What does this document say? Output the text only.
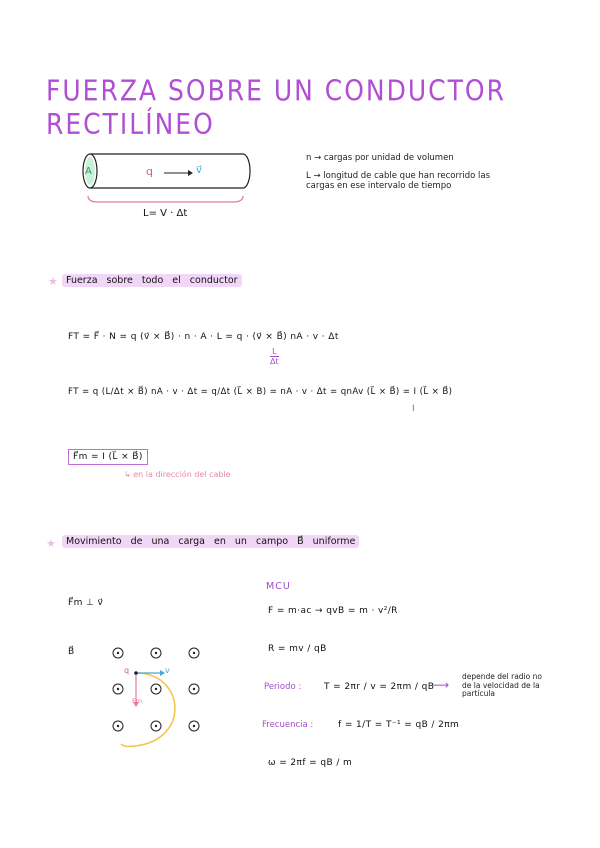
FUERZA SOBRE UN CONDUCTOR RECTILÍNEO
A	q	v⃗
L= V · Δt
n → cargas por unidad de volumen
L → longitud de cable que han recorrido las
cargas en ese intervalo de tiempo
★ Fuerza sobre todo el conductor
FT = F⃗ · N = q (v⃗ × B⃗) · n · A · L = q · (v⃗ × B⃗) nA · v · Δt
$\frac{L}{\Delta t}$
FT = q (L/Δt × B⃗) nA · v · Δt = q/Δt (L⃗ × B) = nA · v · Δt = qnAv (L⃗ × B⃗) = I (L⃗ × B⃗)
I
F⃗m = I (L⃗ × B⃗)
↳ en la dirección del cable
★	Movimiento de una carga en un campo B⃗ uniforme
F⃗m ⊥ v⃗
B⃗
q	v
Fm
MCU
F = m·ac → qvB = m · v²/R
R = mv / qB
Periodo :	T = 2πr / v = 2πm / qB
⟶
depende del radio no
de la velocidad de la
partícula
Frecuencia :	f = 1/T = T⁻¹ = qB / 2πm
ω = 2πf = qB / m
